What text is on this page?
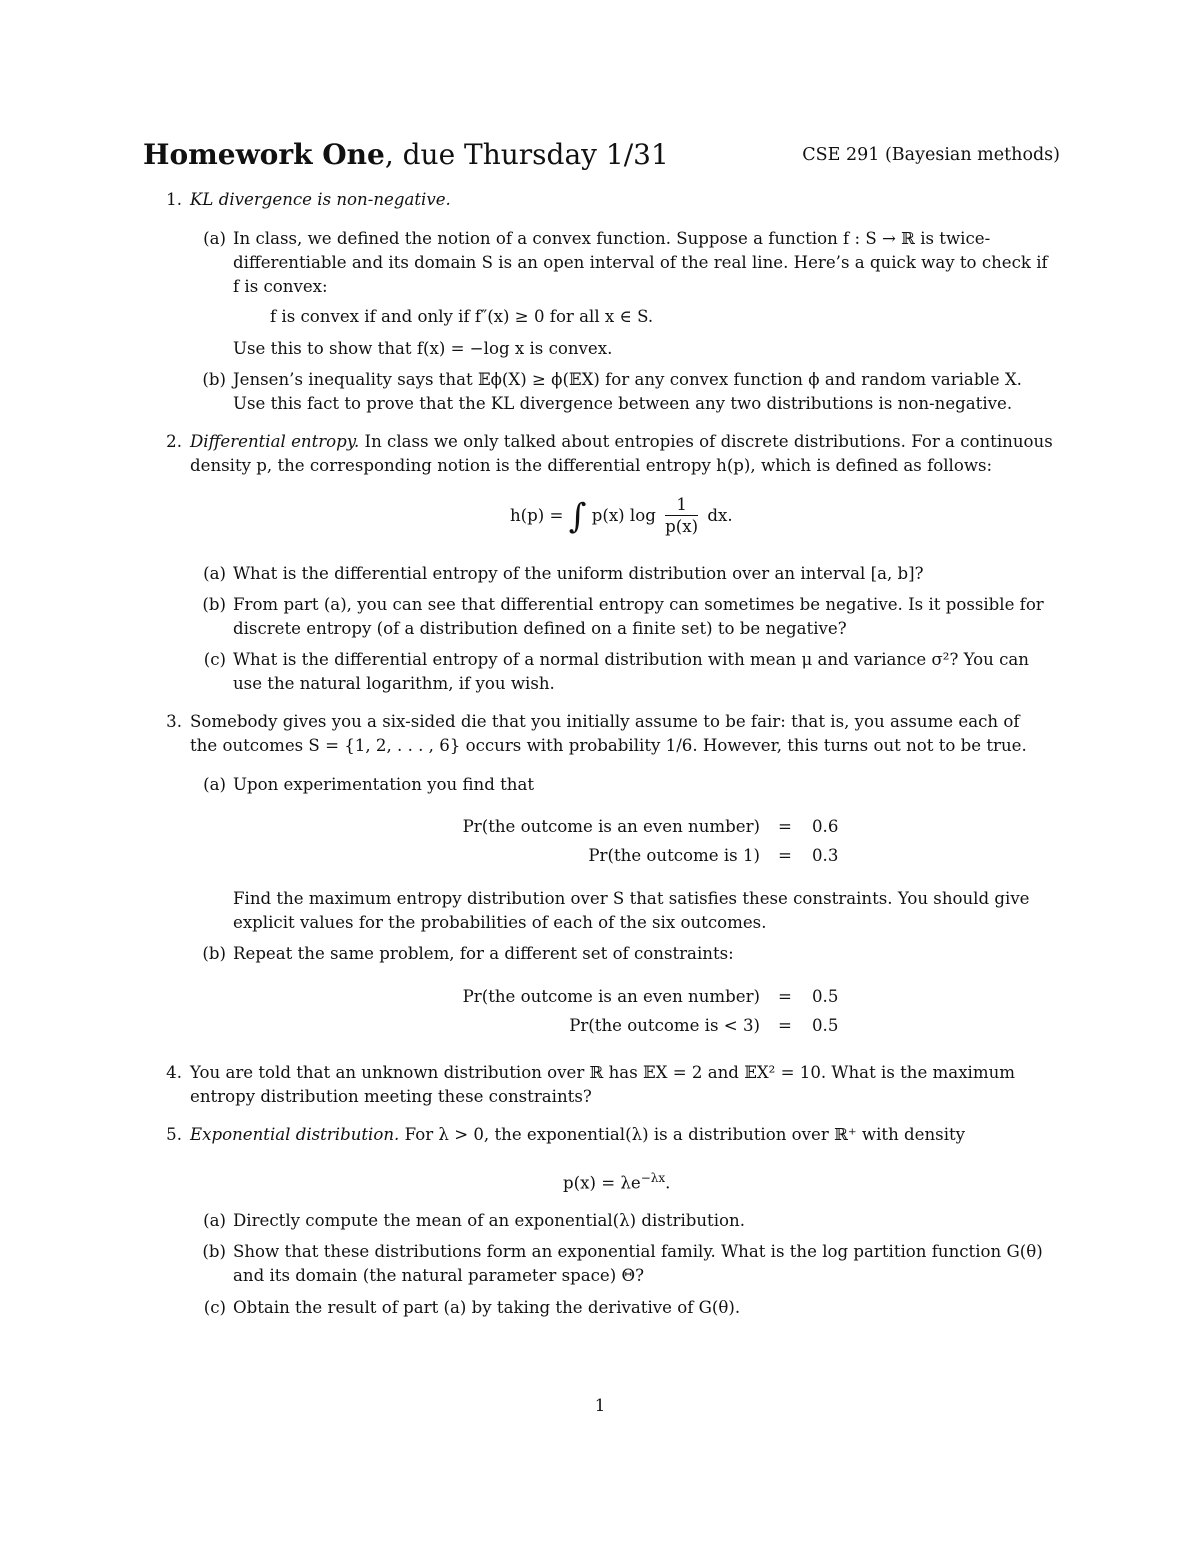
Homework One, due Thursday 1/31	CSE 291 (Bayesian methods)
1. KL divergence is non-negative.
(a) In class, we defined the notion of a convex function. Suppose a function f : S → ℝ is twice-
differentiable and its domain S is an open interval of the real line. Here’s a quick way to check if
f is convex:
f is convex if and only if f″(x) ≥ 0 for all x ∈ S.
Use this to show that f(x) = −log x is convex.
(b) Jensen’s inequality says that 𝔼ϕ(X) ≥ ϕ(𝔼X) for any convex function ϕ and random variable X.
Use this fact to prove that the KL divergence between any two distributions is non-negative.
2. Differential entropy. In class we only talked about entropies of discrete distributions. For a continuous
density p, the corresponding notion is the differential entropy h(p), which is defined as follows:
h(p) = ∫ p(x) $\log \frac{1}{p(x)}$ dx.
(a) What is the differential entropy of the uniform distribution over an interval [a, b]?
(b) From part (a), you can see that differential entropy can sometimes be negative. Is it possible for
discrete entropy (of a distribution defined on a finite set) to be negative?
(c) What is the differential entropy of a normal distribution with mean μ and variance σ²? You can
use the natural logarithm, if you wish.
3. Somebody gives you a six-sided die that you initially assume to be fair: that is, you assume each of
the outcomes S = {1, 2, . . . , 6} occurs with probability 1/6. However, this turns out not to be true.
(a) Upon experimentation you find that
Pr(the outcome is an even number)	=	0.6
Pr(the outcome is 1)	=	0.3
Find the maximum entropy distribution over S that satisfies these constraints. You should give
explicit values for the probabilities of each of the six outcomes.
(b) Repeat the same problem, for a different set of constraints:
Pr(the outcome is an even number)	=	0.5
Pr(the outcome is < 3)	=	0.5
4. You are told that an unknown distribution over ℝ has 𝔼X = 2 and 𝔼X² = 10. What is the maximum
entropy distribution meeting these constraints?
5. Exponential distribution. For λ > 0, the exponential(λ) is a distribution over ℝ⁺ with density
$p(x) = \lambda e^{-\lambda x}$.
(a) Directly compute the mean of an exponential(λ) distribution.
(b) Show that these distributions form an exponential family. What is the log partition function G(θ)
and its domain (the natural parameter space) Θ?
(c) Obtain the result of part (a) by taking the derivative of G(θ).
1
